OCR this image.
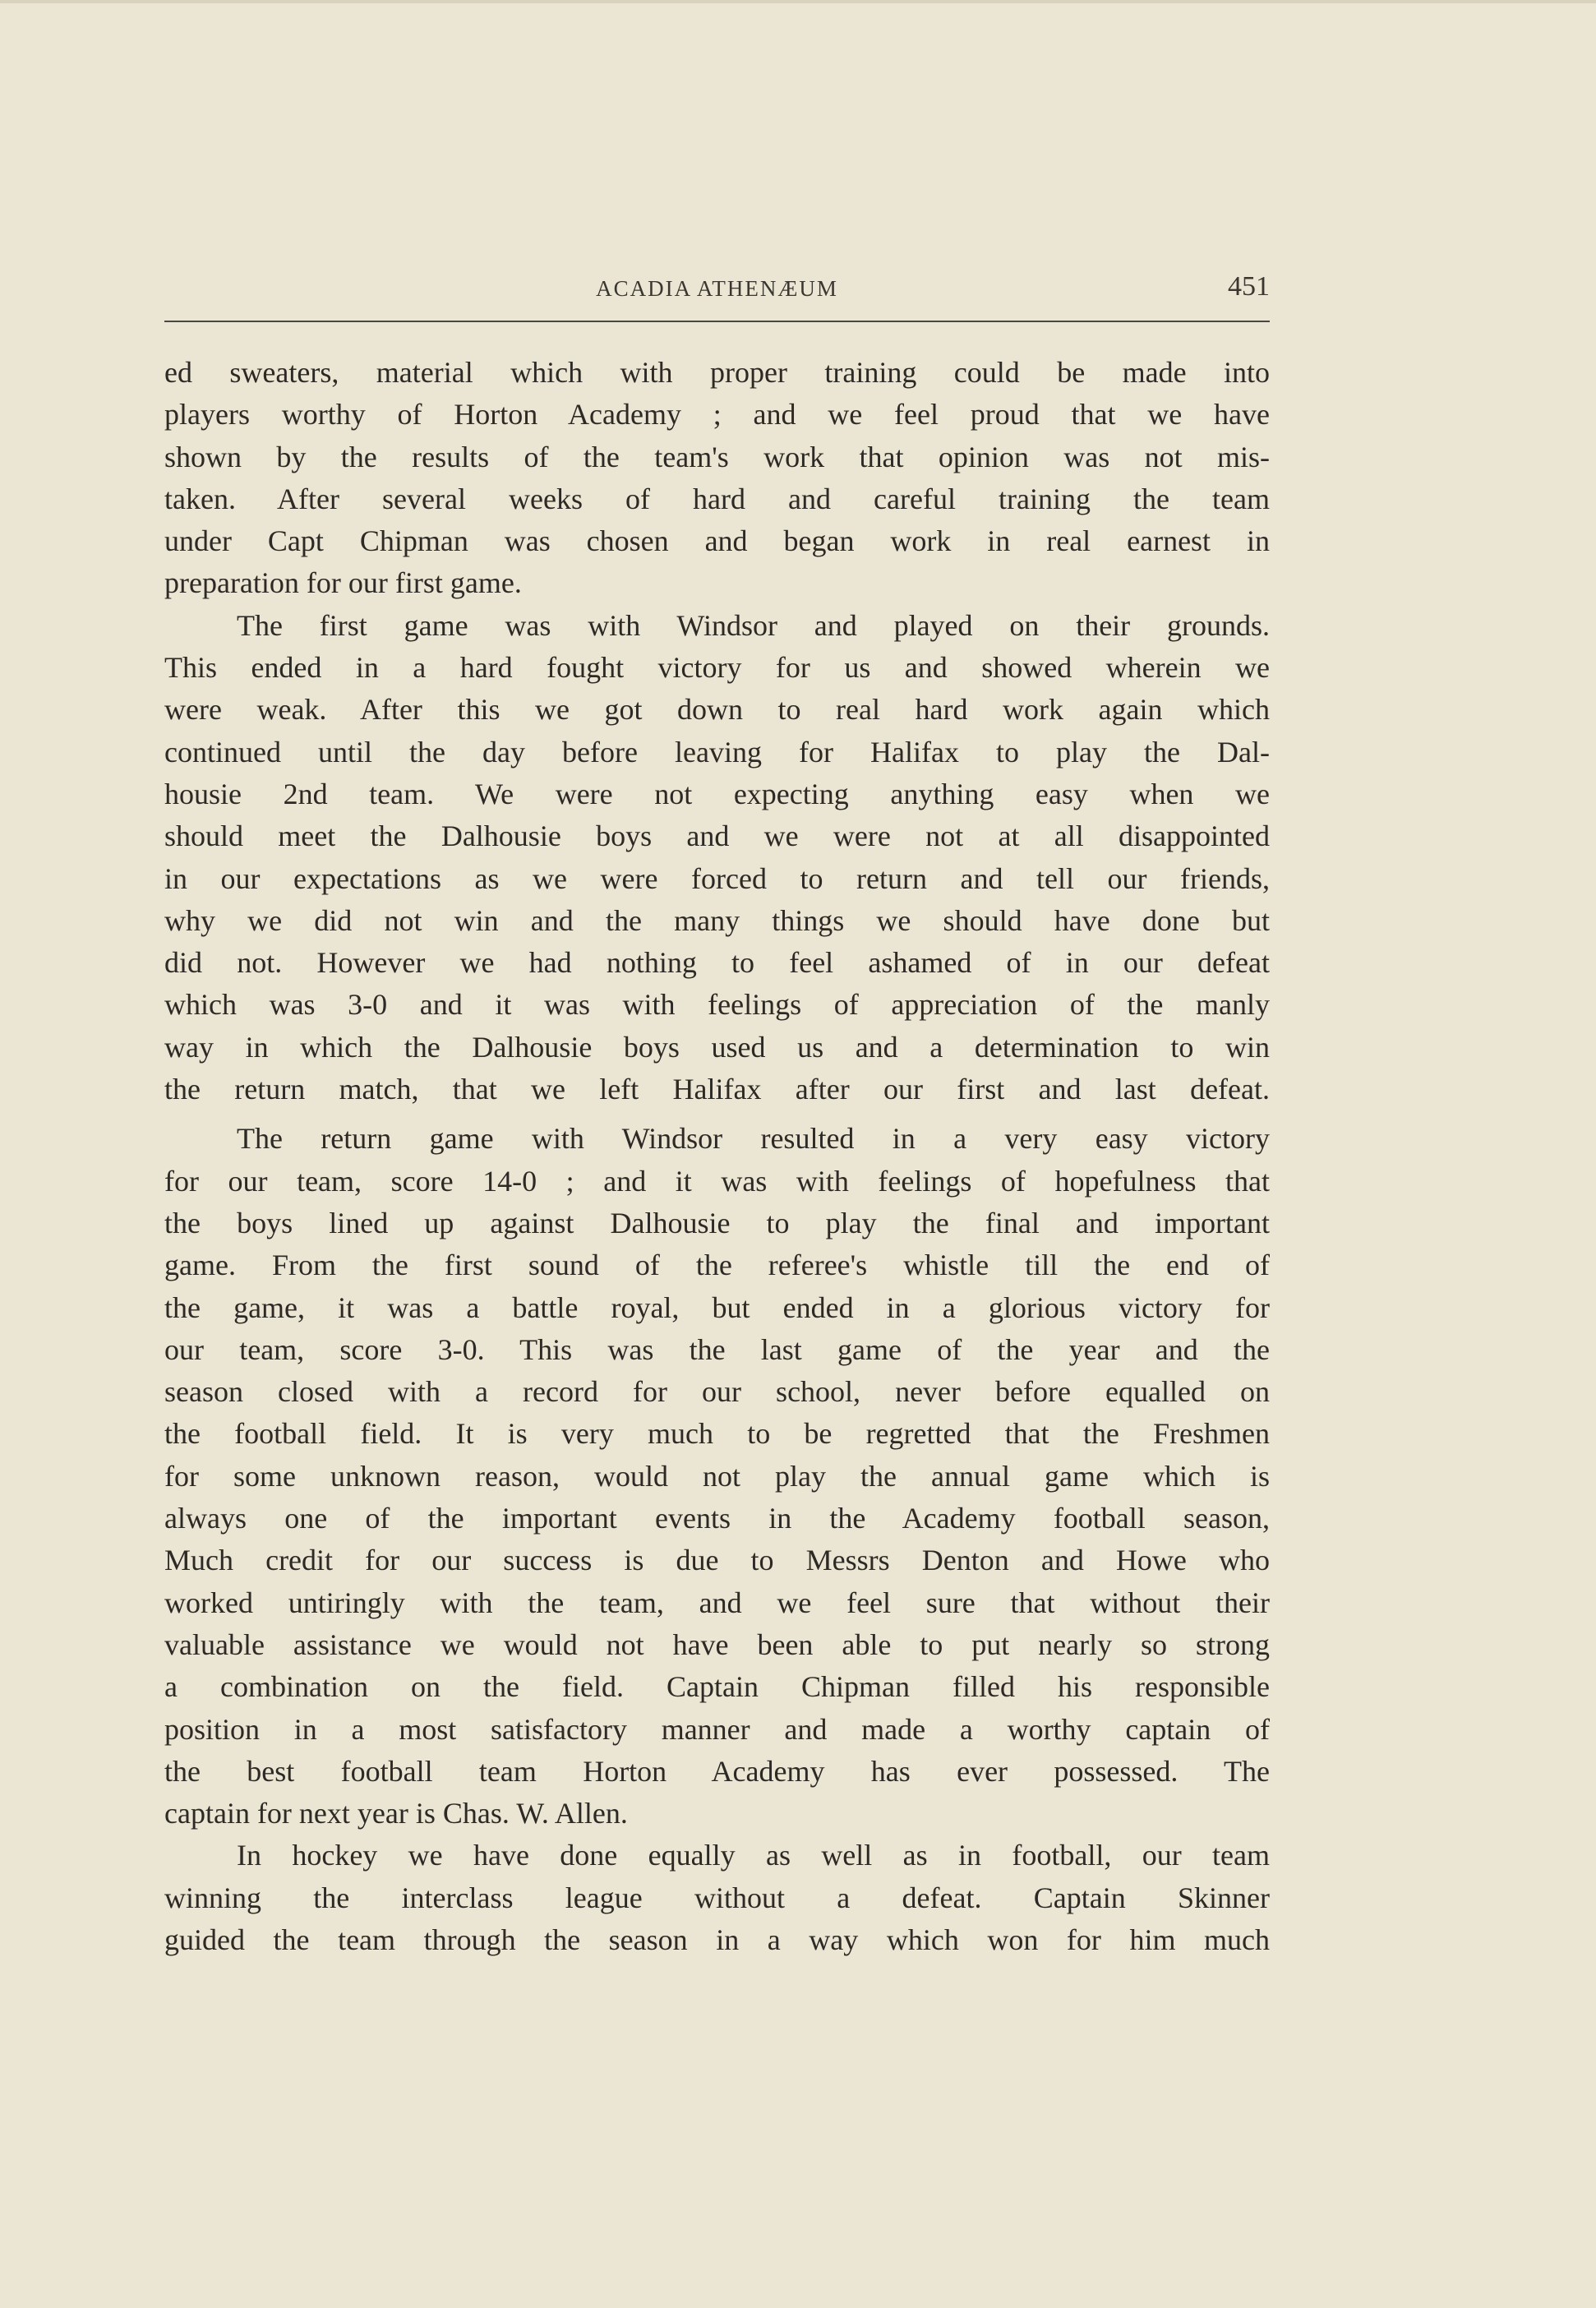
ACADIA ATHENÆUM	451
ed sweaters, material which with proper training could be made into
players worthy of Horton Academy ; and we feel proud that we have
shown by the results of the team's work that opinion was not mis-
taken. After several weeks of hard and careful training the team
under Capt Chipman was chosen and began work in real earnest in
preparation for our first game.
The first game was with Windsor and played on their grounds.
This ended in a hard fought victory for us and showed wherein we
were weak. After this we got down to real hard work again which
continued until the day before leaving for Halifax to play the Dal-
housie 2nd team. We were not expecting anything easy when we
should meet the Dalhousie boys and we were not at all disappointed
in our expectations as we were forced to return and tell our friends,
why we did not win and the many things we should have done but
did not. However we had nothing to feel ashamed of in our defeat
which was 3-0 and it was with feelings of appreciation of the manly
way in which the Dalhousie boys used us and a determination to win
the return match, that we left Halifax after our first and last defeat.
The return game with Windsor resulted in a very easy victory
for our team, score 14-0 ; and it was with feelings of hopefulness that
the boys lined up against Dalhousie to play the final and important
game. From the first sound of the referee's whistle till the end of
the game, it was a battle royal, but ended in a glorious victory for
our team, score 3-0. This was the last game of the year and the
season closed with a record for our school, never before equalled on
the football field. It is very much to be regretted that the Freshmen
for some unknown reason, would not play the annual game which is
always one of the important events in the Academy football season,
Much credit for our success is due to Messrs Denton and Howe who
worked untiringly with the team, and we feel sure that without their
valuable assistance we would not have been able to put nearly so strong
a combination on the field. Captain Chipman filled his responsible
position in a most satisfactory manner and made a worthy captain of
the best football team Horton Academy has ever possessed. The
captain for next year is Chas. W. Allen.
In hockey we have done equally as well as in football, our team
winning the interclass league without a defeat. Captain Skinner
guided the team through the season in a way which won for him much
